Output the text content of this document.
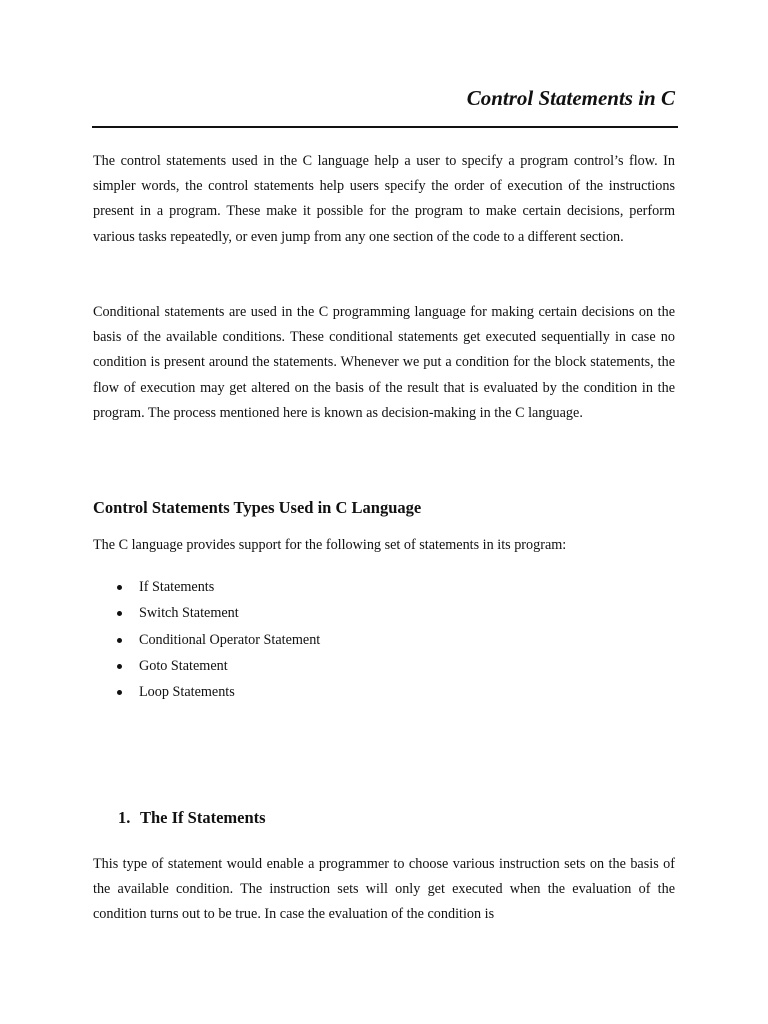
Control Statements in C

The control statements used in the C language help a user to specify a program control’s flow. In simpler words, the control statements help users specify the order of execution of the instructions present in a program. These make it possible for the program to make certain decisions, perform various tasks repeatedly, or even jump from any one section of the code to a different section.

Conditional statements are used in the C programming language for making certain decisions on the basis of the available conditions. These conditional statements get executed sequentially in case no condition is present around the statements. Whenever we put a condition for the block statements, the flow of execution may get altered on the basis of the result that is evaluated by the condition in the program. The process mentioned here is known as decision-making in the C language.

Control Statements Types Used in C Language

The C language provides support for the following set of statements in its program:

If Statements
Switch Statement
Conditional Operator Statement
Goto Statement
Loop Statements
1. The If Statements

This type of statement would enable a programmer to choose various instruction sets on the basis of the available condition. The instruction sets will only get executed when the evaluation of the condition turns out to be true. In case the evaluation of the condition is
